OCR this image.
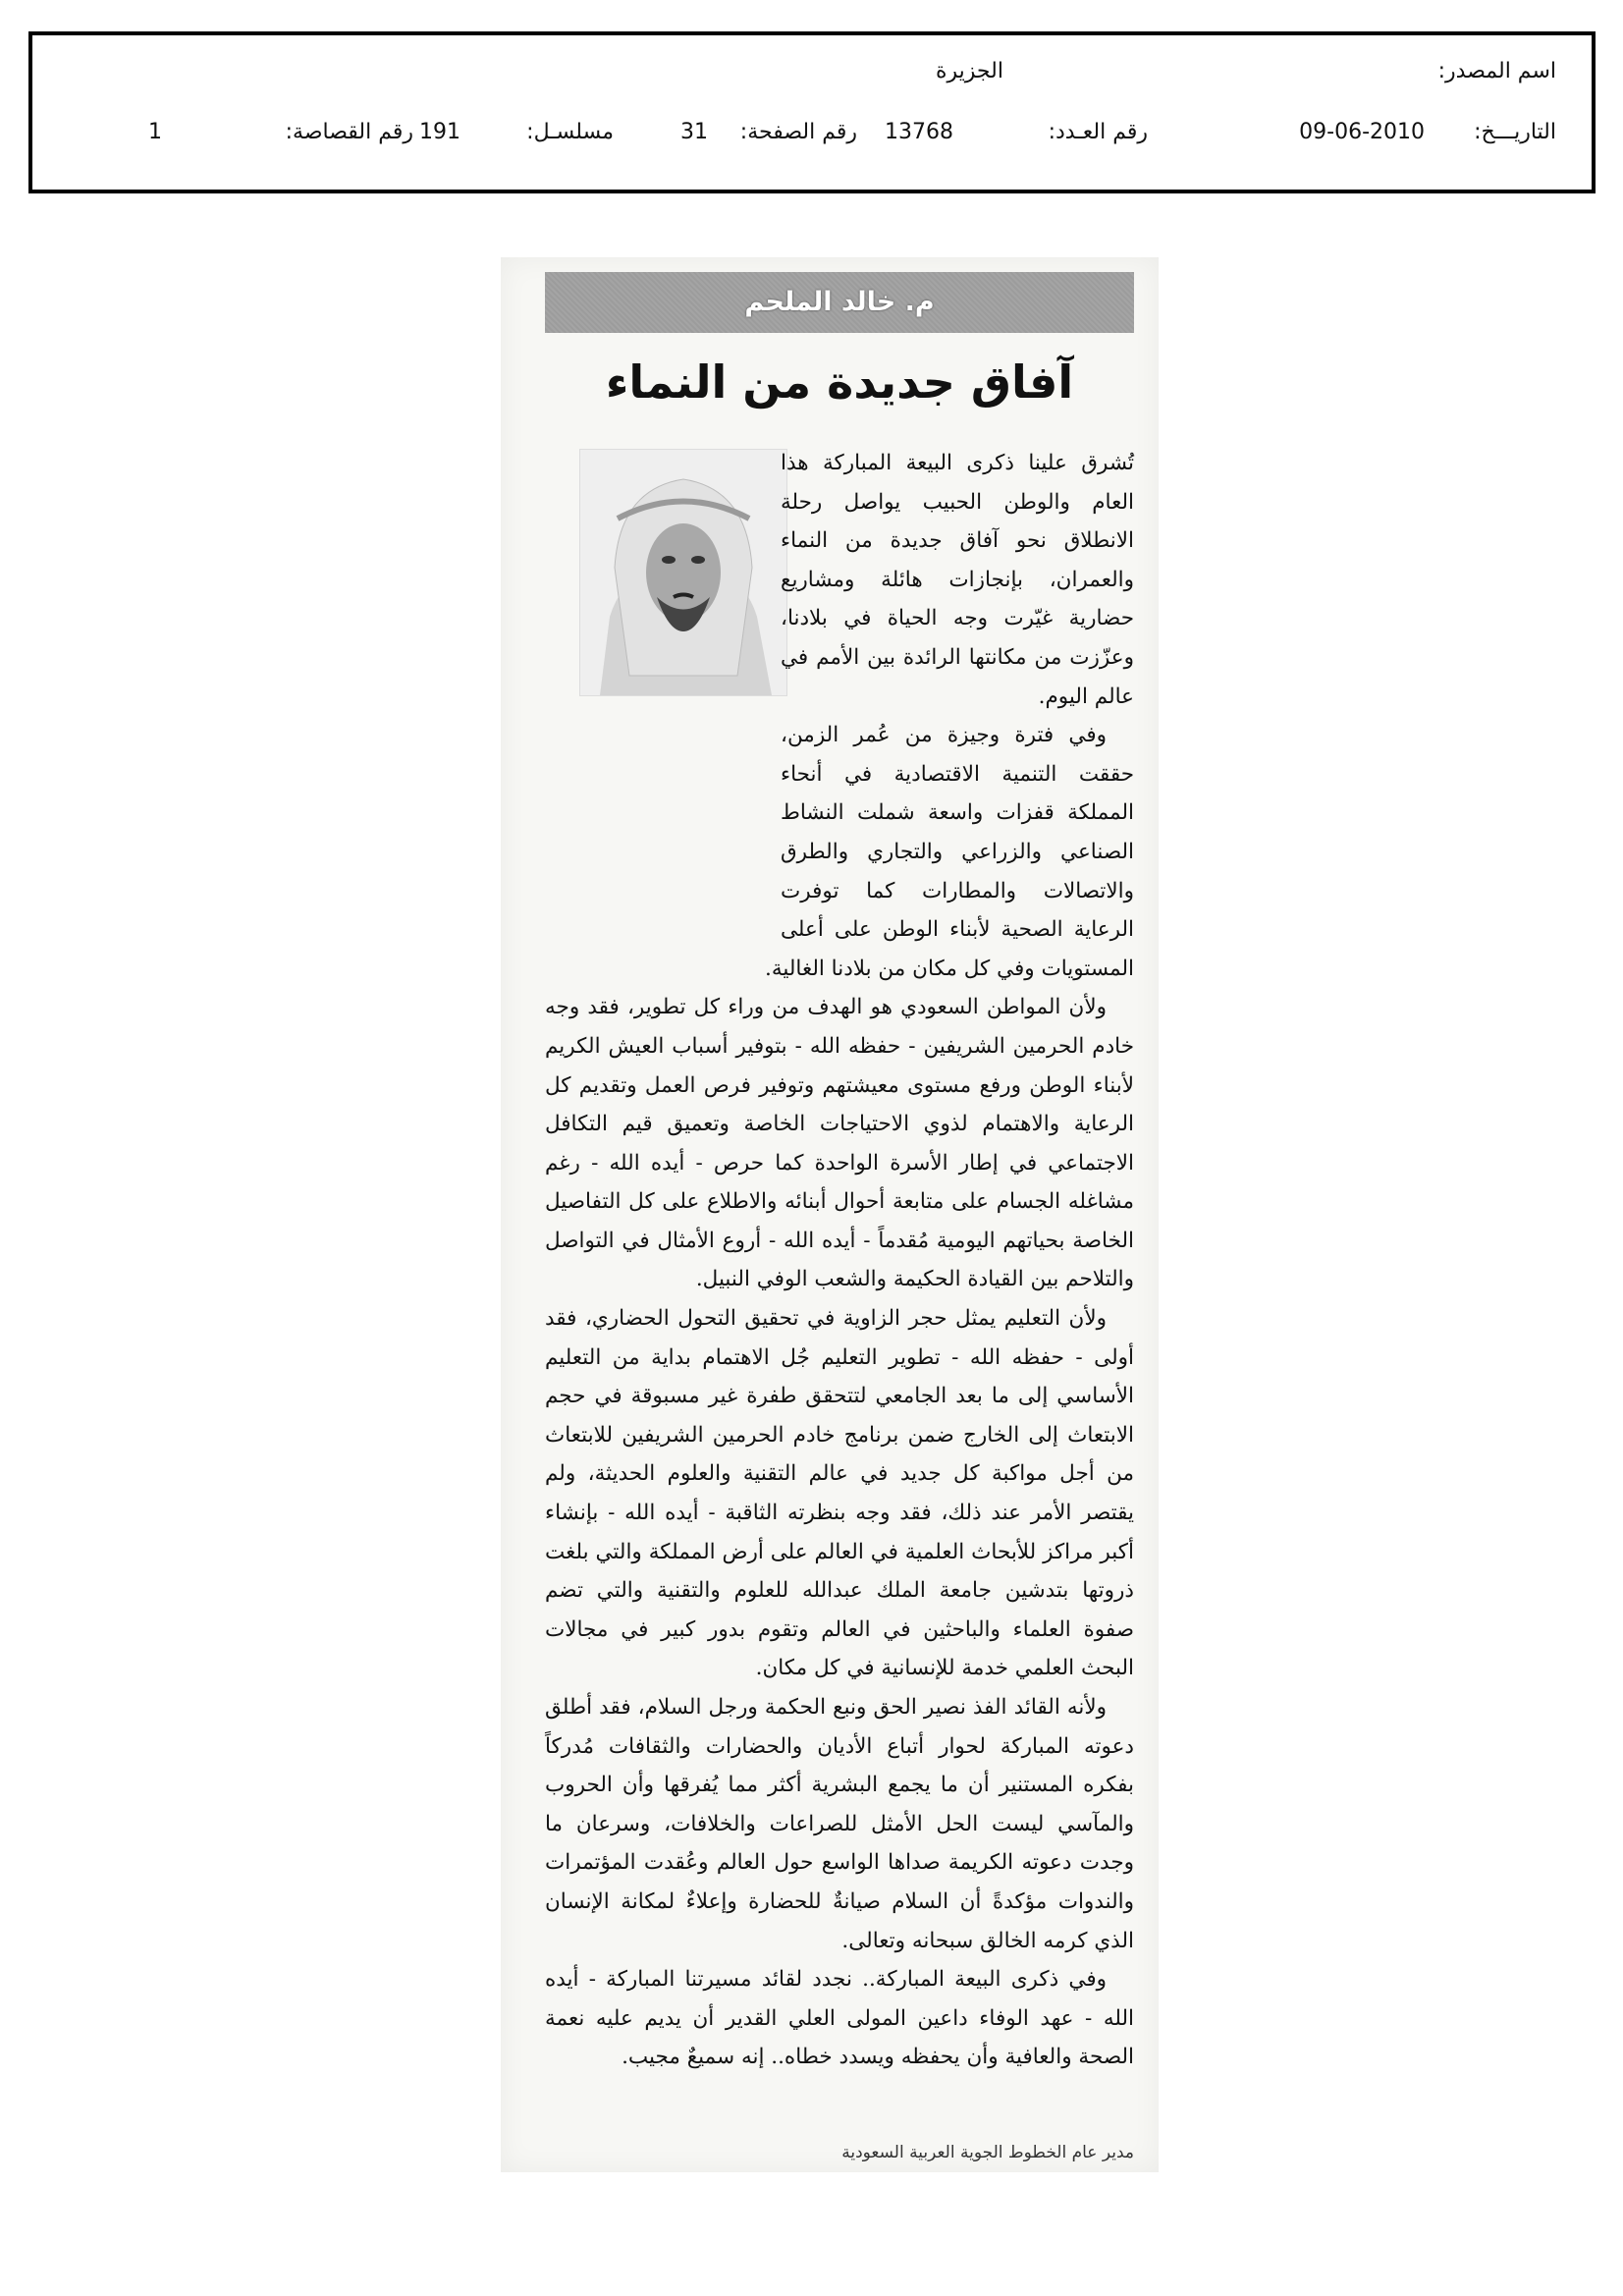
اسم المصدر:
الجزيرة
التاريـــخ:
09-06-2010
رقم العـدد:
13768
رقم الصفحة:
31
مسلسـل:
191
رقم القصاصة:
1
م. خالد الملحم
آفاق جديدة من النماء

تُشرق علينا ذكرى البيعة المباركة هذا العام والوطن الحبيب يواصل رحلة الانطلاق نحو آفاق جديدة من النماء والعمران، بإنجازات هائلة ومشاريع حضارية غيّرت وجه الحياة في بلادنا، وعزّزت من مكانتها الرائدة بين الأمم في عالم اليوم.

وفي فترة وجيزة من عُمر الزمن، حققت التنمية الاقتصادية في أنحاء المملكة قفزات واسعة شملت النشاط الصناعي والزراعي والتجاري والطرق والاتصالات والمطارات كما توفرت الرعاية الصحية لأبناء الوطن على أعلى المستويات وفي كل مكان من بلادنا الغالية.

ولأن المواطن السعودي هو الهدف من وراء كل تطوير، فقد وجه خادم الحرمين الشريفين - حفظه الله - بتوفير أسباب العيش الكريم لأبناء الوطن ورفع مستوى معيشتهم وتوفير فرص العمل وتقديم كل الرعاية والاهتمام لذوي الاحتياجات الخاصة وتعميق قيم التكافل الاجتماعي في إطار الأسرة الواحدة كما حرص - أيده الله - رغم مشاغله الجسام على متابعة أحوال أبنائه والاطلاع على كل التفاصيل الخاصة بحياتهم اليومية مُقدماً - أيده الله - أروع الأمثال في التواصل والتلاحم بين القيادة الحكيمة والشعب الوفي النبيل.

ولأن التعليم يمثل حجر الزاوية في تحقيق التحول الحضاري، فقد أولى - حفظه الله - تطوير التعليم جُل الاهتمام بداية من التعليم الأساسي إلى ما بعد الجامعي لتتحقق طفرة غير مسبوقة في حجم الابتعاث إلى الخارج ضمن برنامج خادم الحرمين الشريفين للابتعاث من أجل مواكبة كل جديد في عالم التقنية والعلوم الحديثة، ولم يقتصر الأمر عند ذلك، فقد وجه بنظرته الثاقبة - أيده الله - بإنشاء أكبر مراكز للأبحاث العلمية في العالم على أرض المملكة والتي بلغت ذروتها بتدشين جامعة الملك عبدالله للعلوم والتقنية والتي تضم صفوة العلماء والباحثين في العالم وتقوم بدور كبير في مجالات البحث العلمي خدمة للإنسانية في كل مكان.

ولأنه القائد الفذ نصير الحق ونبع الحكمة ورجل السلام، فقد أطلق دعوته المباركة لحوار أتباع الأديان والحضارات والثقافات مُدركاً بفكره المستنير أن ما يجمع البشرية أكثر مما يُفرقها وأن الحروب والمآسي ليست الحل الأمثل للصراعات والخلافات، وسرعان ما وجدت دعوته الكريمة صداها الواسع حول العالم وعُقدت المؤتمرات والندوات مؤكدةً أن السلام صيانةٌ للحضارة وإعلاءٌ لمكانة الإنسان الذي كرمه الخالق سبحانه وتعالى.

وفي ذكرى البيعة المباركة.. نجدد لقائد مسيرتنا المباركة - أيده الله - عهد الوفاء داعين المولى العلي القدير أن يديم عليه نعمة الصحة والعافية وأن يحفظه ويسدد خطاه.. إنه سميعٌ مجيب.

مدير عام الخطوط الجوية العربية السعودية
